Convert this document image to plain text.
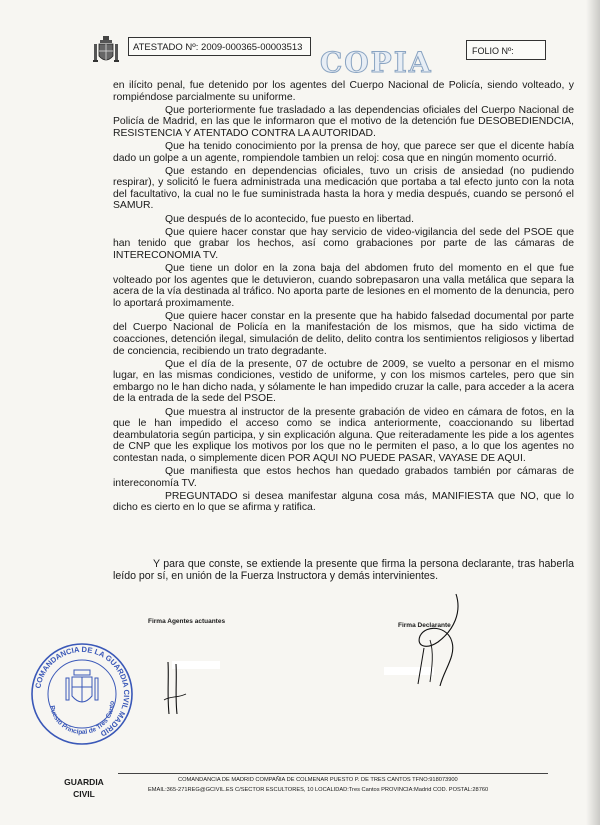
ATESTADO Nº: 2009-000365-00003513 COPIA	FOLIO Nº:

en ilícito penal, fue detenido por los agentes del Cuerpo Nacional de Policía, siendo volteado, y rompiéndose parcialmente su uniforme.

Que porteriormente fue trasladado a las dependencias oficiales del Cuerpo Nacional de Policía de Madrid, en las que le informaron que el motivo de la detención fue DESOBEDIENDCIA, RESISTENCIA Y ATENTADO CONTRA LA AUTORIDAD.

Que ha tenido conocimiento por la prensa de hoy, que parece ser que el dicente había dado un golpe a un agente, rompiendole tambien un reloj: cosa que en ningún momento ocurrió.

Que estando en dependencias oficiales, tuvo un crisis de ansiedad (no pudiendo respirar), y solicitó le fuera administrada una medicación que portaba a tal efecto junto con la nota del facultativo, la cual no le fue suministrada hasta la hora y media después, cuando se personó el SAMUR.

Que después de lo acontecido, fue puesto en libertad.

Que quiere hacer constar que hay servicio de video-vigilancia del sede del PSOE que han tenido que grabar los hechos, así como grabaciones por parte de las cámaras de INTERECONOMIA TV.

Que tiene un dolor en la zona baja del abdomen fruto del momento en el que fue volteado por los agentes que le detuvieron, cuando sobrepasaron una valla metálica que separa la acera de la vía destinada al tráfico. No aporta parte de lesiones en el momento de la denuncia, pero lo aportará proximamente.

Que quiere hacer constar en la presente que ha habido falsedad documental por parte del Cuerpo Nacional de Policía en la manifestación de los mismos, que ha sido victima de coacciones, detención ilegal, simulación de delito, delito contra los sentimientos religiosos y libertad de conciencia, recibiendo un trato degradante.

Que el día de la presente, 07 de octubre de 2009, se vuelto a personar en el mismo lugar, en las mismas condiciones, vestido de uniforme, y con los mismos carteles, pero que sin embargo no le han dicho nada, y sólamente le han impedido cruzar la calle, para acceder a la acera de la entrada de la sede del PSOE.

Que muestra al instructor de la presente grabación de video en cámara de fotos, en la que le han impedido el acceso como se indica anteriormente, coaccionando su libertad deambulatoria según participa, y sin explicación alguna. Que reiteradamente les pide a los agentes de CNP que les explique los motivos por los que no le permiten el paso, a lo que los agentes no contestan nada, o simplemente dicen POR AQUI NO PUEDE PASAR, VAYASE DE AQUI.

Que manifiesta que estos hechos han quedado grabados también por cámaras de intereconomía TV.

PREGUNTADO si desea manifestar alguna cosa más, MANIFIESTA que NO, que lo dicho es cierto en lo que se afirma y ratifica.

Y para que conste, se extiende la presente que firma la persona declarante, tras haberla leído por sí, en unión de la Fuerza Instructora y demás intervinientes.

Firma Agentes actuantes
Firma Declarante
COMANDANCIA DE LA GUARDIA CIVIL MADRID
Puesto Principal de Tres Canto
GUARDIA CIVIL
COMANDANCIA DE MADRID COMPAÑIA DE COLMENAR PUESTO P. DE TRES CANTOS TFNO:918073900
EMAIL:365-271REG@GCIVIL.ES C/SECTOR ESCULTORES, 10 LOCALIDAD:Tres Cantos PROVINCIA:Madrid COD. POSTAL:28760
